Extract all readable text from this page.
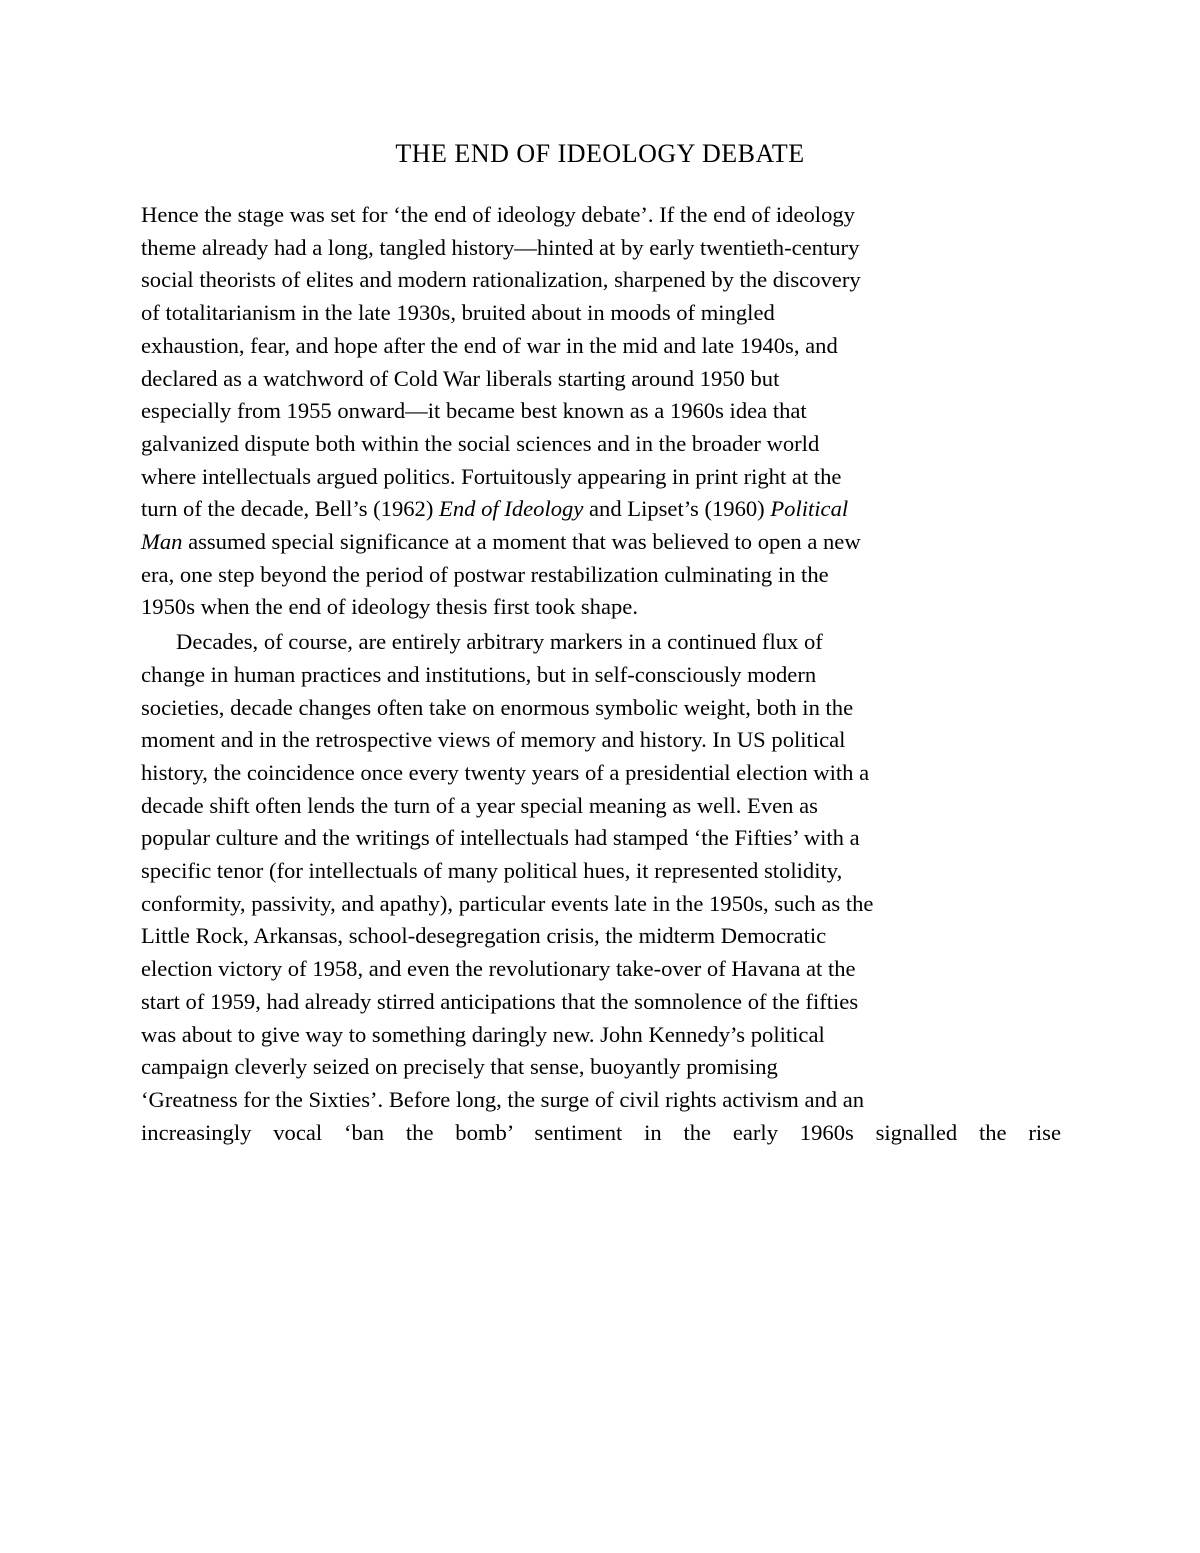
THE END OF IDEOLOGY DEBATE
Hence the stage was set for ‘the end of ideology debate’. If the end of ideology
theme already had a long, tangled history—hinted at by early twentieth-century
social theorists of elites and modern rationalization, sharpened by the discovery
of totalitarianism in the late 1930s, bruited about in moods of mingled
exhaustion, fear, and hope after the end of war in the mid and late 1940s, and
declared as a watchword of Cold War liberals starting around 1950 but
especially from 1955 onward—it became best known as a 1960s idea that
galvanized dispute both within the social sciences and in the broader world
where intellectuals argued politics. Fortuitously appearing in print right at the
turn of the decade, Bell’s (1962) End of Ideology and Lipset’s (1960) Political
Man assumed special significance at a moment that was believed to open a new
era, one step beyond the period of postwar restabilization culminating in the
1950s when the end of ideology thesis first took shape.
Decades, of course, are entirely arbitrary markers in a continued flux of
change in human practices and institutions, but in self-consciously modern
societies, decade changes often take on enormous symbolic weight, both in the
moment and in the retrospective views of memory and history. In US political
history, the coincidence once every twenty years of a presidential election with a
decade shift often lends the turn of a year special meaning as well. Even as
popular culture and the writings of intellectuals had stamped ‘the Fifties’ with a
specific tenor (for intellectuals of many political hues, it represented stolidity,
conformity, passivity, and apathy), particular events late in the 1950s, such as the
Little Rock, Arkansas, school-desegregation crisis, the midterm Democratic
election victory of 1958, and even the revolutionary take-over of Havana at the
start of 1959, had already stirred anticipations that the somnolence of the fifties
was about to give way to something daringly new. John Kennedy’s political
campaign cleverly seized on precisely that sense, buoyantly promising
‘Greatness for the Sixties’. Before long, the surge of civil rights activism and an
increasingly vocal ‘ban the bomb’ sentiment in the early 1960s signalled the rise
